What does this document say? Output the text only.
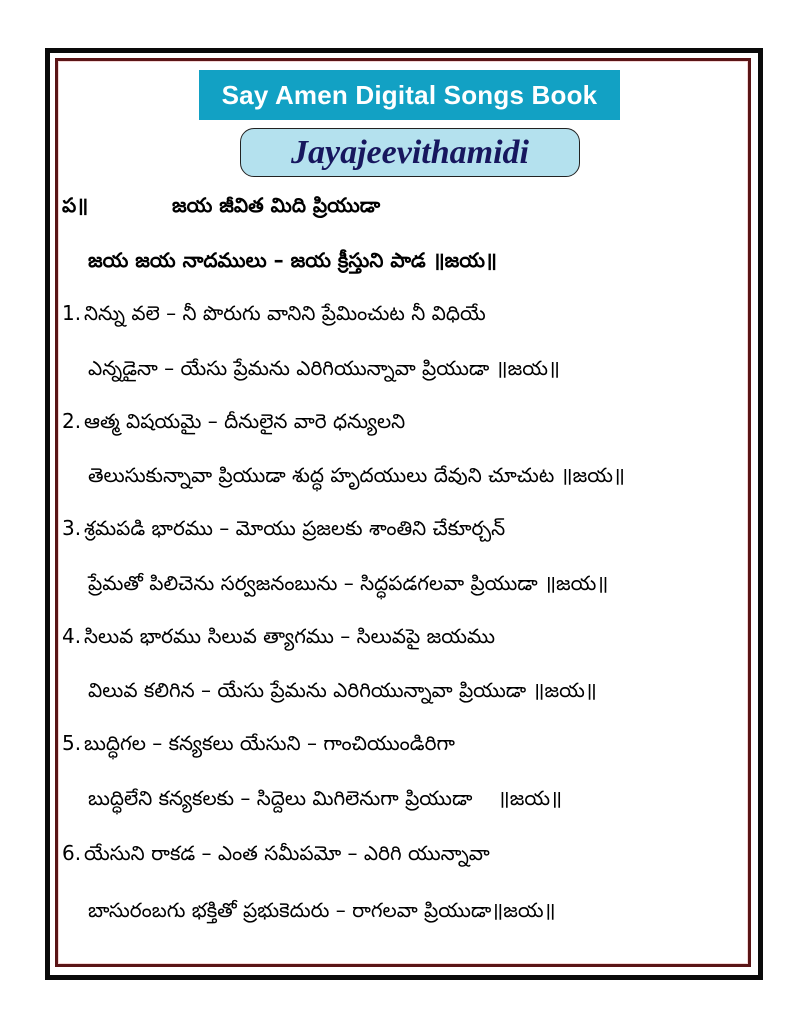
Say Amen Digital Songs Book
Jayajeevithamidi
ప॥	జయ జీవిత మిది ప్రియుడా
జయ జయ నాదములు – జయ క్రీస్తుని పాడ ॥జయ॥
1. నిన్ను వలె – నీ పొరుగు వానిని ప్రేమించుట నీ విధియే
ఎన్నడైనా – యేసు ప్రేమను ఎరిగియున్నావా ప్రియుడా ॥జయ॥
2. ఆత్మ విషయమై – దీనులైన వారె ధన్యులని
తెలుసుకున్నావా ప్రియుడా శుద్ధ హృదయులు దేవుని చూచుట ॥జయ॥
3. శ్రమపడి భారము – మోయు ప్రజలకు శాంతిని చేకూర్చన్
ప్రేమతో పిలిచెను సర్వజనంబును – సిద్ధపడగలవా ప్రియుడా ॥జయ॥
4. సిలువ భారము సిలువ త్యాగము – సిలువపై జయము
విలువ కలిగిన – యేసు ప్రేమను ఎరిగియున్నావా ప్రియుడా ॥జయ॥
5. బుద్ధిగల – కన్యకలు యేసుని – గాంచియుండిరిగా
బుద్ధిలేని కన్యకలకు – సిద్దెలు మిగిలెనుగా ప్రియుడా    ॥జయ॥
6. యేసుని రాకడ – ఎంత సమీపమో – ఎరిగి యున్నావా
బాసురంబగు భక్తితో ప్రభుకెదురు – రాగలవా ప్రియుడా॥జయ॥
